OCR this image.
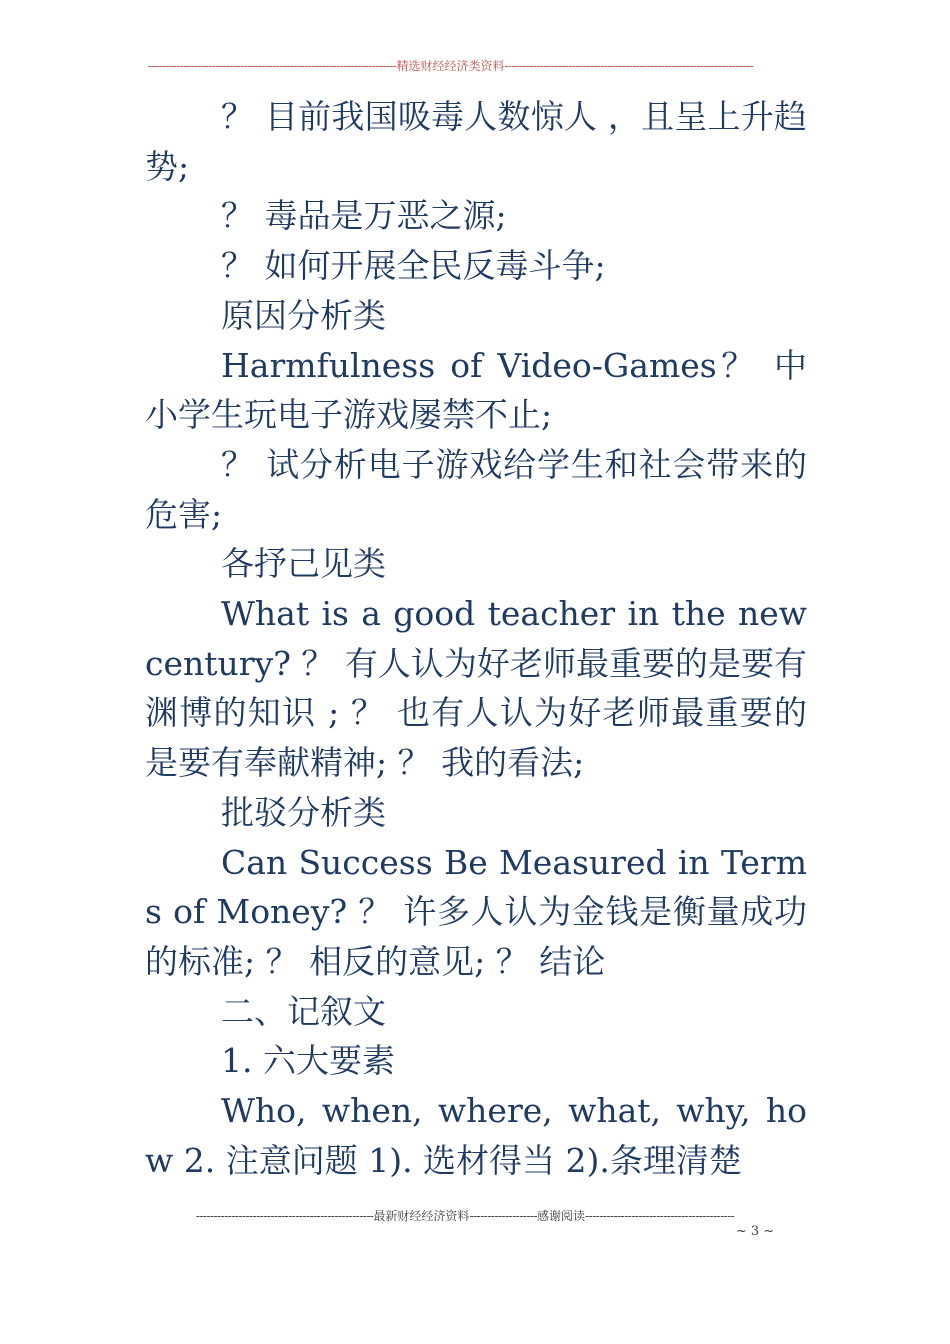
----------------------------------------------------------------------精选财经经济类资料----------------------------------------------------------------------

？ 目前我国吸毒人数惊人 ，且呈上升趋势;

？ 毒品是万恶之源;

？ 如何开展全民反毒斗争;

原因分析类

Harmfulness of Video-Games？ 中小学生玩电子游戏屡禁不止;

？ 试分析电子游戏给学生和社会带来的危害;

各抒己见类

What is a good teacher in the new century? ？ 有人认为好老师最重要的是要有渊博的知识 ; ？ 也有人认为好老师最重要的是要有奉献精神; ？ 我的看法;

批驳分析类

Can Success Be Measured in Terms of Money? ？ 许多人认为金钱是衡量成功的标准; ？ 相反的意见; ？ 结论

二、记叙文

1. 六大要素

Who, when, where, what, why, how 2. 注意问题 1). 选材得当 2).条理清楚

--------------------------------------------------最新财经经济资料-------------------感谢阅读------------------------------------------
~ 3 ~
